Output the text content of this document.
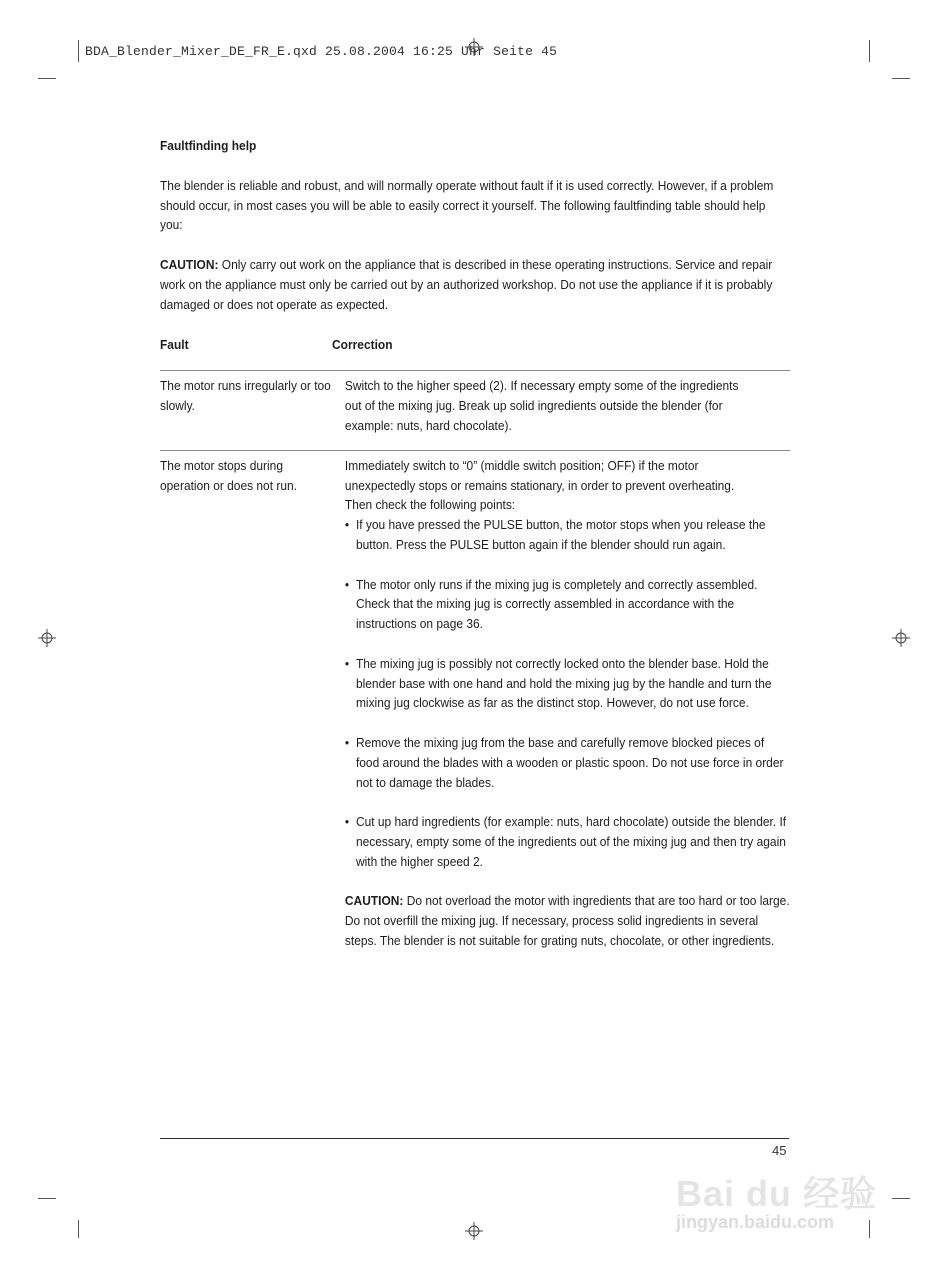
BDA_Blender_Mixer_DE_FR_E.qxd 25.08.2004 16:25 Uhr Seite 45
Faultfinding help

The blender is reliable and robust, and will normally operate without fault if it is used correctly. However, if a problem should occur, in most cases you will be able to easily correct it yourself. The following faultfinding table should help you:

CAUTION: Only carry out work on the appliance that is described in these operating instructions. Service and repair work on the appliance must only be carried out by an authorized workshop. Do not use the appliance if it is probably damaged or does not operate as expected.

Fault	Correction
The motor runs irregularly or too slowly.
Switch to the higher speed (2). If necessary empty some of the ingredients out of the mixing jug. Break up solid ingredients outside the blender (for example: nuts, hard chocolate).
The motor stops during operation or does not run.
Immediately switch to “0” (middle switch position; OFF) if the motor unexpectedly stops or remains stationary, in order to prevent overheating. Then check the following points:
• If you have pressed the PULSE button, the motor stops when you release the button. Press the PULSE button again if the blender should run again.
• The motor only runs if the mixing jug is completely and correctly assembled. Check that the mixing jug is correctly assembled in accordance with the instructions on page 36.
• The mixing jug is possibly not correctly locked onto the blender base. Hold the blender base with one hand and hold the mixing jug by the handle and turn the mixing jug clockwise as far as the distinct stop. However, do not use force.
• Remove the mixing jug from the base and carefully remove blocked pieces of food around the blades with a wooden or plastic spoon. Do not use force in order not to damage the blades.
• Cut up hard ingredients (for example: nuts, hard chocolate) outside the blender. If necessary, empty some of the ingredients out of the mixing jug and then try again with the higher speed 2.
CAUTION: Do not overload the motor with ingredients that are too hard or too large. Do not overfill the mixing jug. If necessary, process solid ingredients in several steps. The blender is not suitable for grating nuts, chocolate, or other ingredients.
45
Bai du 经验
jingyan.baidu.com
